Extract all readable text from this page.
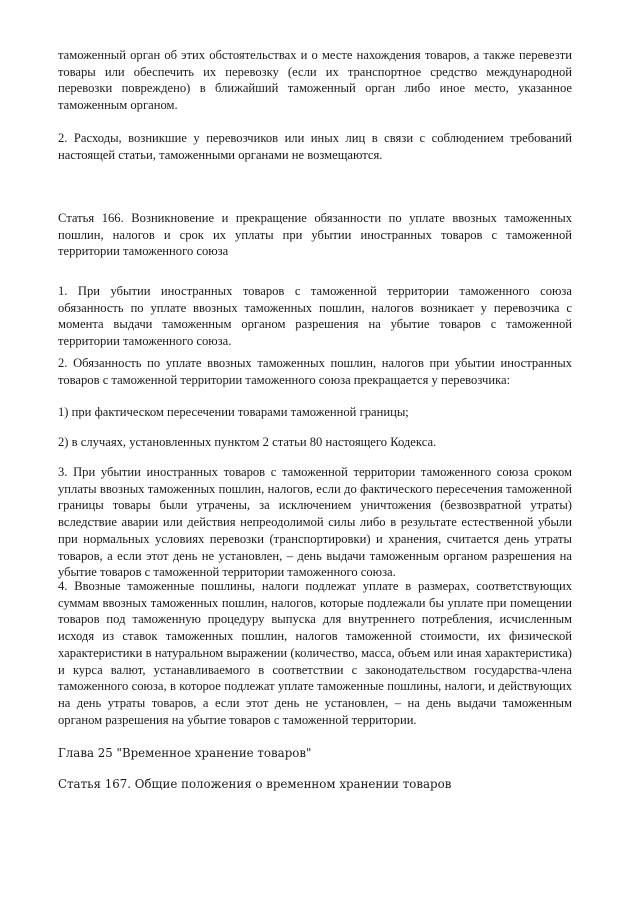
таможенный орган об этих обстоятельствах и о месте нахождения товаров, а также перевезти товары или обеспечить их перевозку (если их транспортное средство международной перевозки повреждено) в ближайший таможенный орган либо иное место, указанное таможенным органом.

2. Расходы, возникшие у перевозчиков или иных лиц в связи с соблюдением требований настоящей статьи, таможенными органами не возмещаются.

Статья 166. Возникновение и прекращение обязанности по уплате ввозных таможенных пошлин, налогов и срок их уплаты при убытии иностранных товаров с таможенной территории таможенного союза

1. При убытии иностранных товаров с таможенной территории таможенного союза обязанность по уплате ввозных таможенных пошлин, налогов возникает у перевозчика с момента выдачи таможенным органом разрешения на убытие товаров с таможенной территории таможенного союза.

2. Обязанность по уплате ввозных таможенных пошлин, налогов при убытии иностранных товаров с таможенной территории таможенного союза прекращается у перевозчика:

1) при фактическом пересечении товарами таможенной границы;

2) в случаях, установленных пунктом 2 статьи 80 настоящего Кодекса.

3. При убытии иностранных товаров с таможенной территории таможенного союза сроком уплаты ввозных таможенных пошлин, налогов, если до фактического пересечения таможенной границы товары были утрачены, за исключением уничтожения (безвозвратной утраты) вследствие аварии или действия непреодолимой силы либо в результате естественной убыли при нормальных условиях перевозки (транспортировки) и хранения, считается день утраты товаров, а если этот день не установлен, – день выдачи таможенным органом разрешения на убытие товаров с таможенной территории таможенного союза.

4. Ввозные таможенные пошлины, налоги подлежат уплате в размерах, соответствующих суммам ввозных таможенных пошлин, налогов, которые подлежали бы уплате при помещении товаров под таможенную процедуру выпуска для внутреннего потребления, исчисленным исходя из ставок таможенных пошлин, налогов таможенной стоимости, их физической характеристики в натуральном выражении (количество, масса, объем или иная характеристика) и курса валют, устанавливаемого в соответствии с законодательством государства-члена таможенного союза, в которое подлежат уплате таможенные пошлины, налоги, и действующих на день утраты товаров, а если этот день не установлен, – на день выдачи таможенным органом разрешения на убытие товаров с таможенной территории.

Глава 25 "Временное хранение товаров"

Статья 167. Общие положения о временном хранении товаров
